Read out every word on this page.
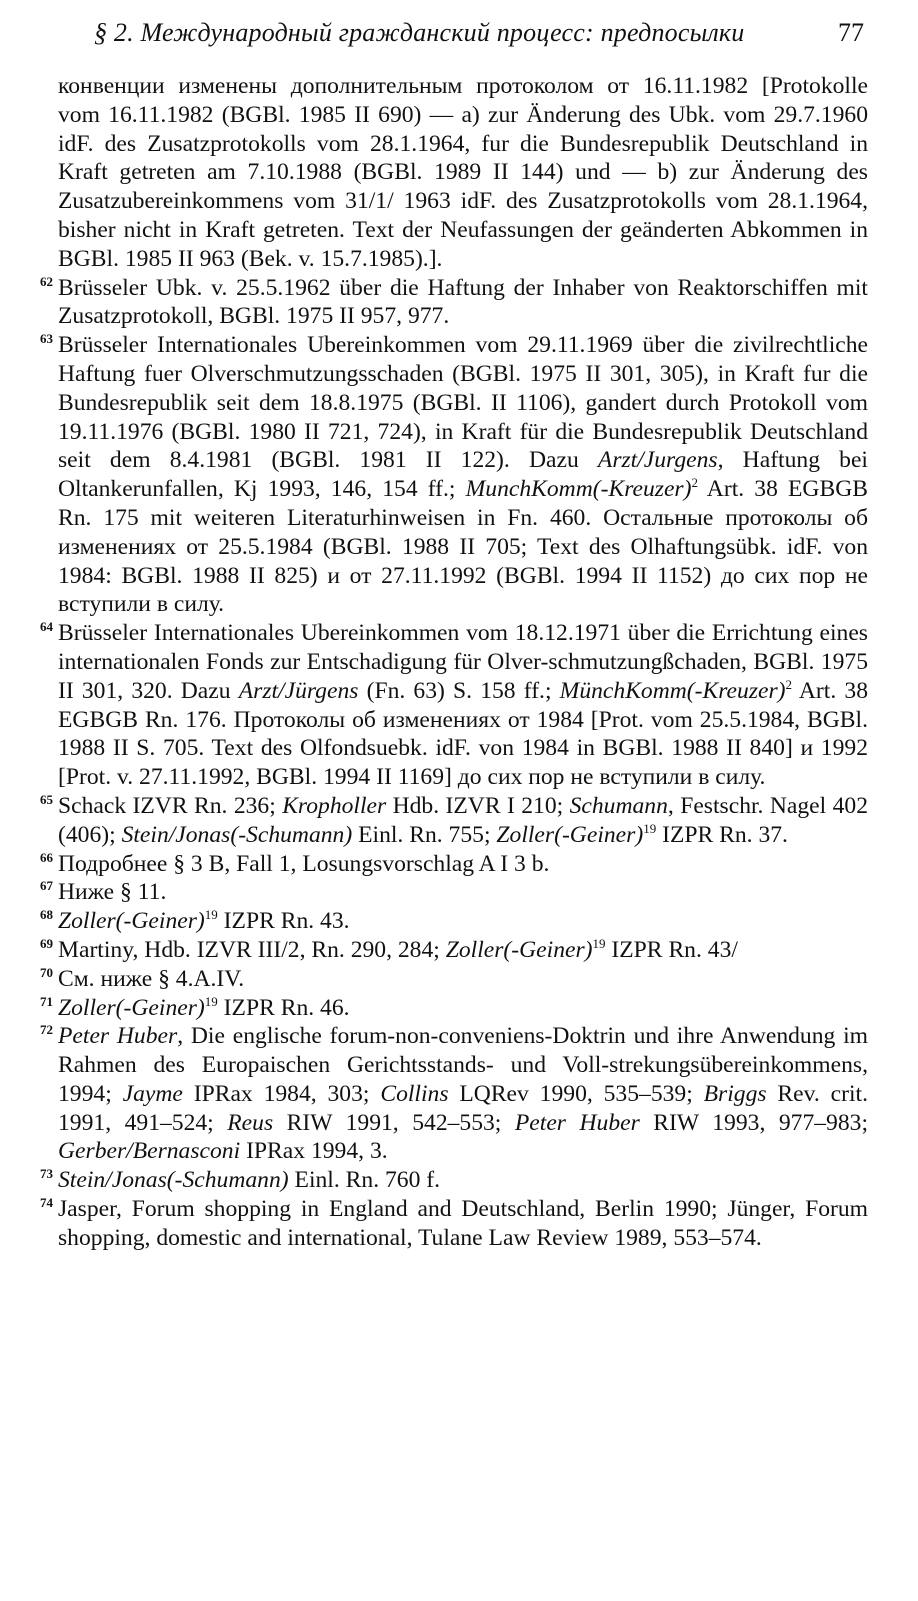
§ 2. Международный гражданский процесс: предпосылки	77
конвенции изменены дополнительным протоколом от 16.11.1982 [Protokolle vom 16.11.1982 (BGBl. 1985 II 690) — a) zur Änderung des Ubk. vom 29.7.1960 idF. des Zusatzprotokolls vom 28.1.1964, fur die Bundesrepublik Deutschland in Kraft getreten am 7.10.1988 (BGBl. 1989 II 144) und — b) zur Änderung des Zusatzubereinkommens vom 31/1/ 1963 idF. des Zusatzprotokolls vom 28.1.1964, bisher nicht in Kraft getreten. Text der Neufassungen der geänderten Abkommen in BGBl. 1985 II 963 (Bek. v. 15.7.1985).].
62 Brüsseler Ubk. v. 25.5.1962 über die Haftung der Inhaber von Reaktorschiffen mit Zusatzprotokoll, BGBl. 1975 II 957, 977.
63 Brüsseler Internationales Ubereinkommen vom 29.11.1969 über die zivilrechtliche Haftung fuer Olverschmutzungsschaden (BGBl. 1975 II 301, 305), in Kraft fur die Bundesrepublik seit dem 18.8.1975 (BGBl. II 1106), gandert durch Protokoll vom 19.11.1976 (BGBl. 1980 II 721, 724), in Kraft für die Bundesrepublik Deutschland seit dem 8.4.1981 (BGBl. 1981 II 122). Dazu Arzt/Jurgens, Haftung bei Oltankerunfallen, Kj 1993, 146, 154 ff.; MunchKomm(-Kreuzer)$^2$ Art. 38 EGBGB Rn. 175 mit weiteren Literaturhinweisen in Fn. 460. Остальные протоколы об изменениях от 25.5.1984 (BGBl. 1988 II 705; Text des Olhaftungsübk. idF. von 1984: BGBl. 1988 II 825) и от 27.11.1992 (BGBl. 1994 II 1152) до сих пор не вступили в силу.
64 Brüsseler Internationales Ubereinkommen vom 18.12.1971 über die Errichtung eines internationalen Fonds zur Entschadigung für Olver-schmutzungßchaden, BGBl. 1975 II 301, 320. Dazu Arzt/Jürgens (Fn. 63) S. 158 ff.; MünchKomm(-Kreuzer)$^2$ Art. 38 EGBGB Rn. 176. Протоколы об изменениях от 1984 [Prot. vom 25.5.1984, BGBl. 1988 II S. 705. Text des Olfondsuebk. idF. von 1984 in BGBl. 1988 II 840] и 1992 [Prot. v. 27.11.1992, BGBl. 1994 II 1169] до сих пор не вступили в силу.
65 Schack IZVR Rn. 236; Kropholler Hdb. IZVR I 210; Schumann, Festschr. Nagel 402 (406); Stein/Jonas(-Schumann) Einl. Rn. 755; Zoller(-Geiner)$^{19}$ IZPR Rn. 37.
66 Подробнее § 3 B, Fall 1, Losungsvorschlag A I 3 b.
67 Ниже § 11.
68 Zoller(-Geiner)$^{19}$ IZPR Rn. 43.
69 Martiny, Hdb. IZVR III/2, Rn. 290, 284; Zoller(-Geiner)$^{19}$ IZPR Rn. 43/
70 См. ниже § 4.A.IV.
71 Zoller(-Geiner)$^{19}$ IZPR Rn. 46.
72 Peter Huber, Die englische forum-non-conveniens-Doktrin und ihre Anwendung im Rahmen des Europaischen Gerichtsstands- und Voll-strekungsübereinkommens, 1994; Jayme IPRax 1984, 303; Collins LQRev 1990, 535–539; Briggs Rev. crit. 1991, 491–524; Reus RIW 1991, 542–553; Peter Huber RIW 1993, 977–983; Gerber/Bernasconi IPRax 1994, 3.
73 Stein/Jonas(-Schumann) Einl. Rn. 760 f.
74 Jasper, Forum shopping in England and Deutschland, Berlin 1990; Jünger, Forum shopping, domestic and international, Tulane Law Review 1989, 553–574.
